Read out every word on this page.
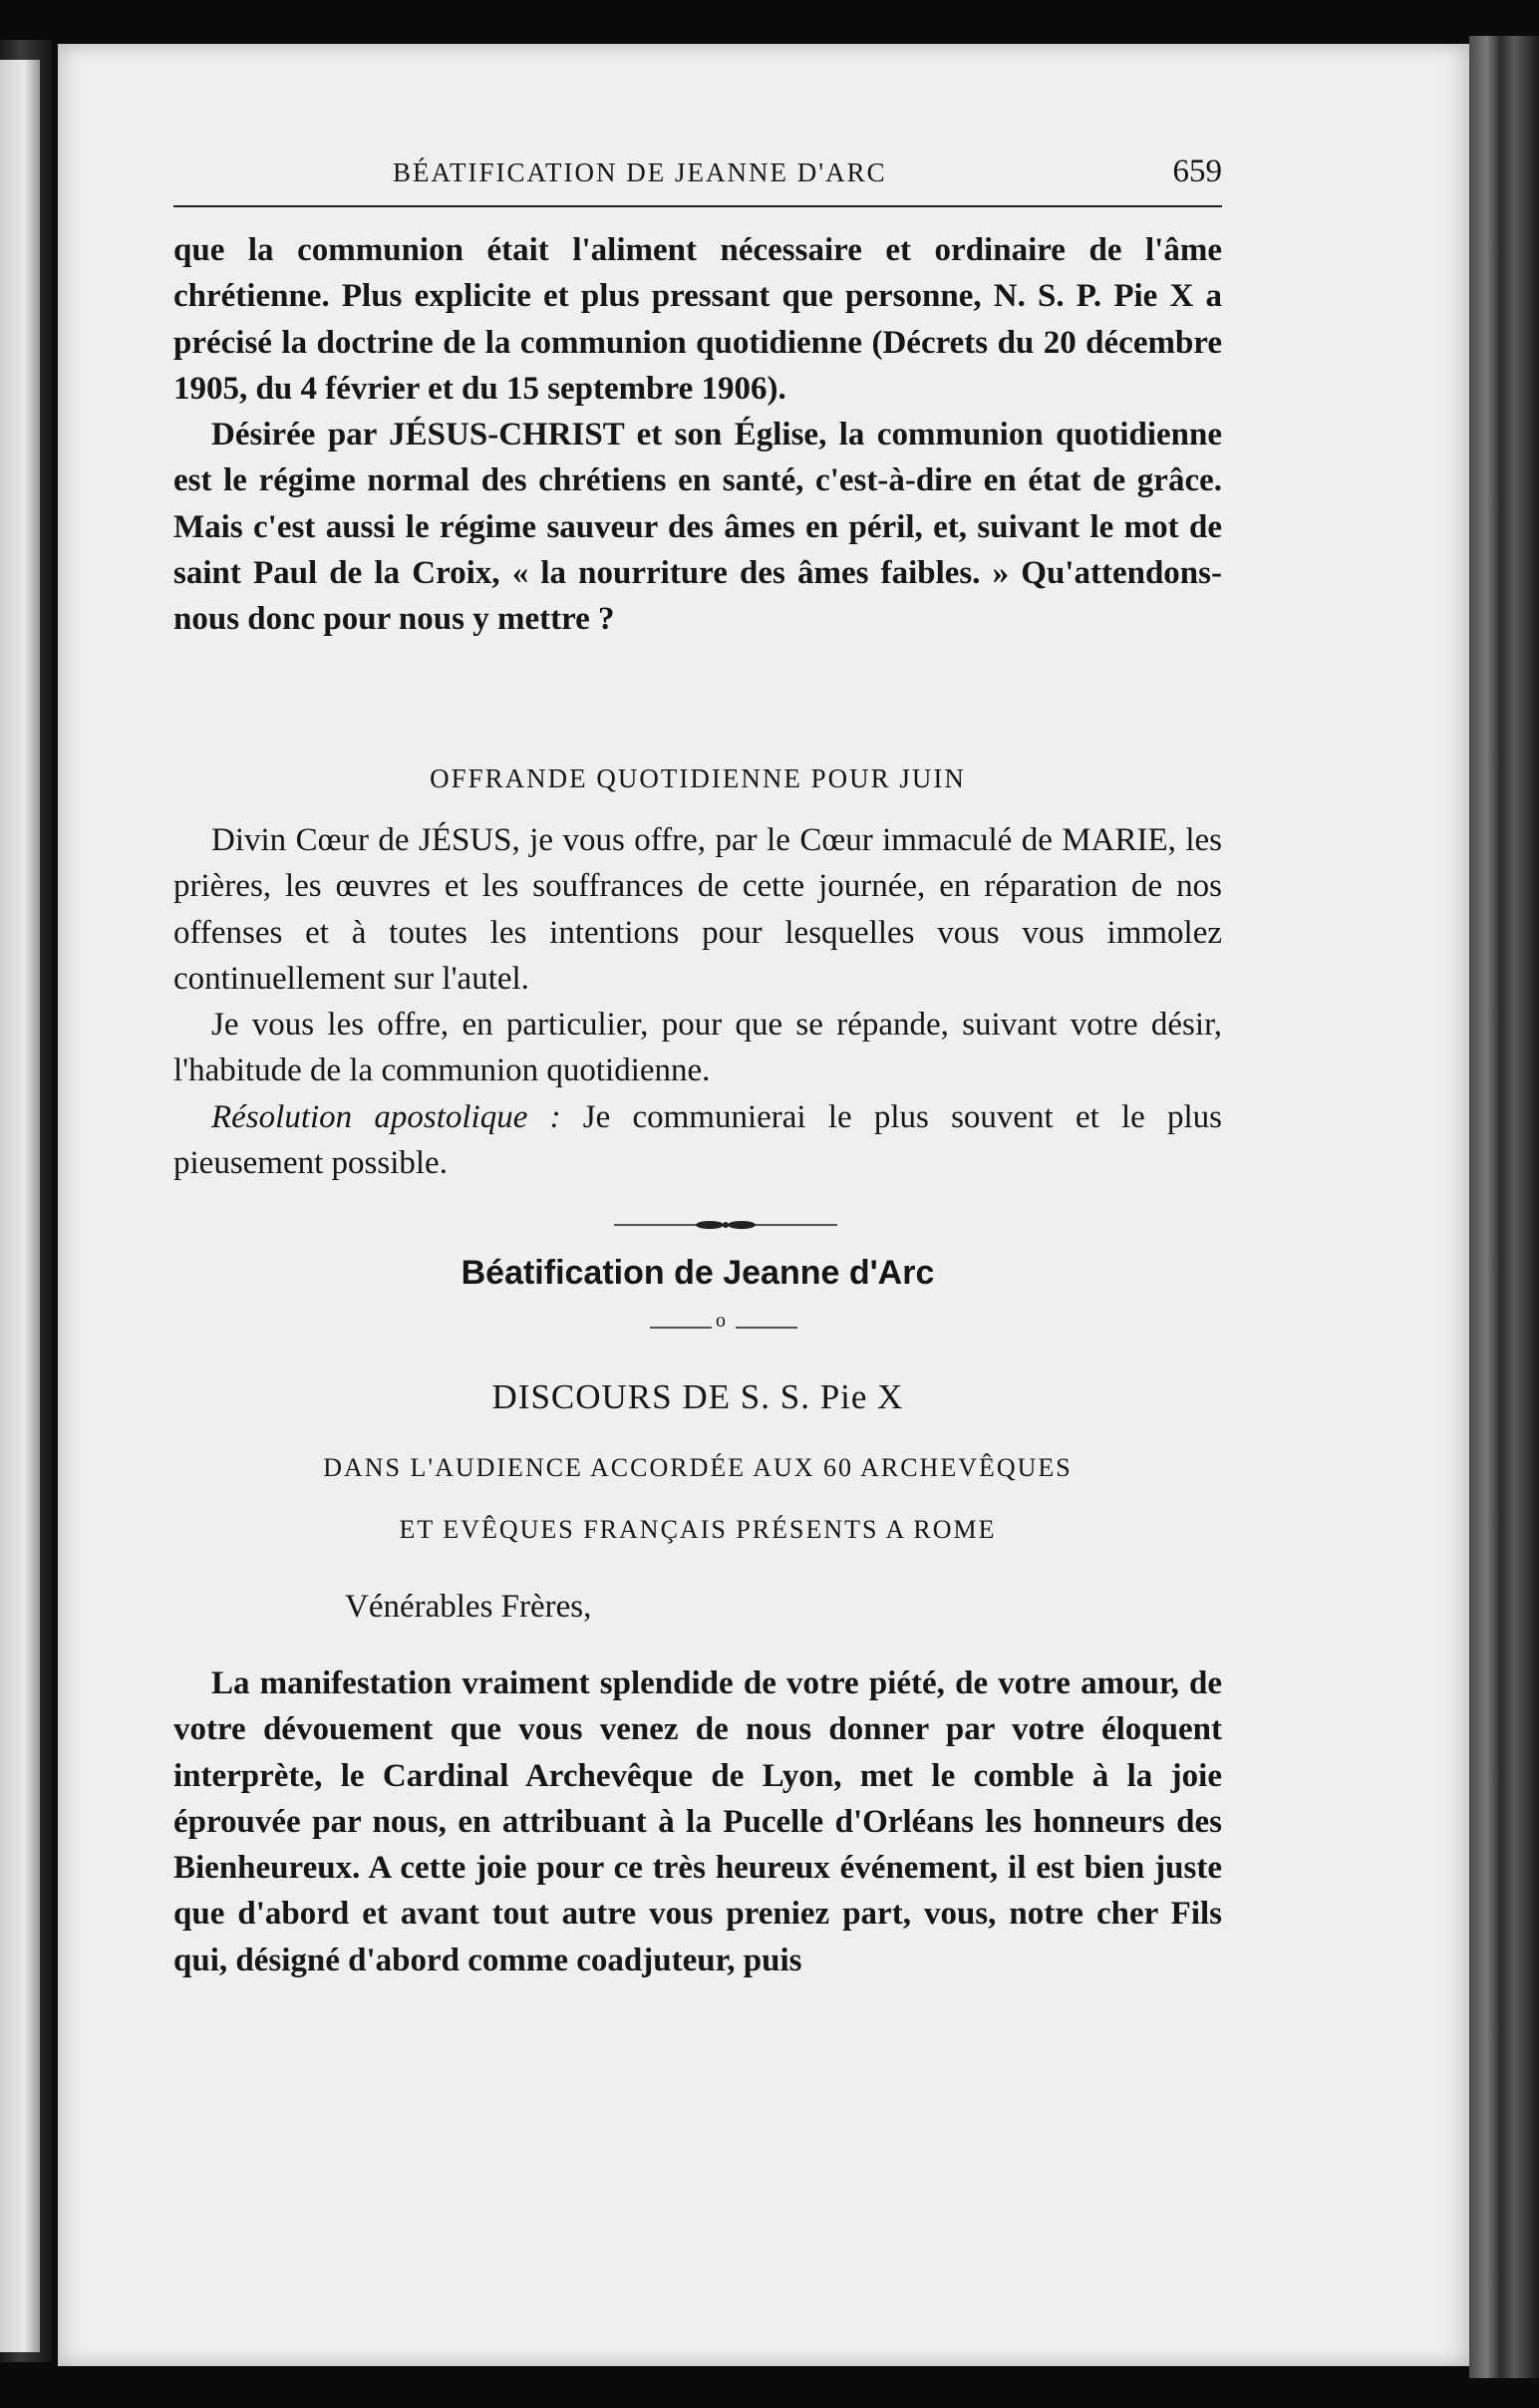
BÉATIFICATION DE JEANNE D'ARC	659

que la communion était l'aliment nécessaire et ordinaire de l'âme chrétienne. Plus explicite et plus pressant que personne, N. S. P. Pie X a précisé la doctrine de la communion quotidienne (Décrets du 20 décembre 1905, du 4 février et du 15 septembre 1906).

Désirée par JÉSUS-CHRIST et son Église, la communion quotidienne est le régime normal des chrétiens en santé, c'est-à-dire en état de grâce. Mais c'est aussi le régime sauveur des âmes en péril, et, suivant le mot de saint Paul de la Croix, « la nourriture des âmes faibles. » Qu'attendons-nous donc pour nous y mettre ?

OFFRANDE QUOTIDIENNE POUR JUIN

Divin Cœur de JÉSUS, je vous offre, par le Cœur immaculé de MARIE, les prières, les œuvres et les souffrances de cette journée, en réparation de nos offenses et à toutes les intentions pour lesquelles vous vous immolez continuellement sur l'autel.

Je vous les offre, en particulier, pour que se répande, suivant votre désir, l'habitude de la communion quotidienne.

Résolution apostolique : Je communierai le plus souvent et le plus pieusement possible.

Béatification de Jeanne d'Arc
o
DISCOURS DE S. S. Pie X
DANS L'AUDIENCE ACCORDÉE AUX 60 ARCHEVÊQUES
ET EVÊQUES FRANÇAIS PRÉSENTS A ROME
Vénérables Frères,

La manifestation vraiment splendide de votre piété, de votre amour, de votre dévouement que vous venez de nous donner par votre éloquent interprète, le Cardinal Archevêque de Lyon, met le comble à la joie éprouvée par nous, en attribuant à la Pucelle d'Orléans les honneurs des Bienheureux. A cette joie pour ce très heureux événement, il est bien juste que d'abord et avant tout autre vous preniez part, vous, notre cher Fils qui, désigné d'abord comme coadjuteur, puis
